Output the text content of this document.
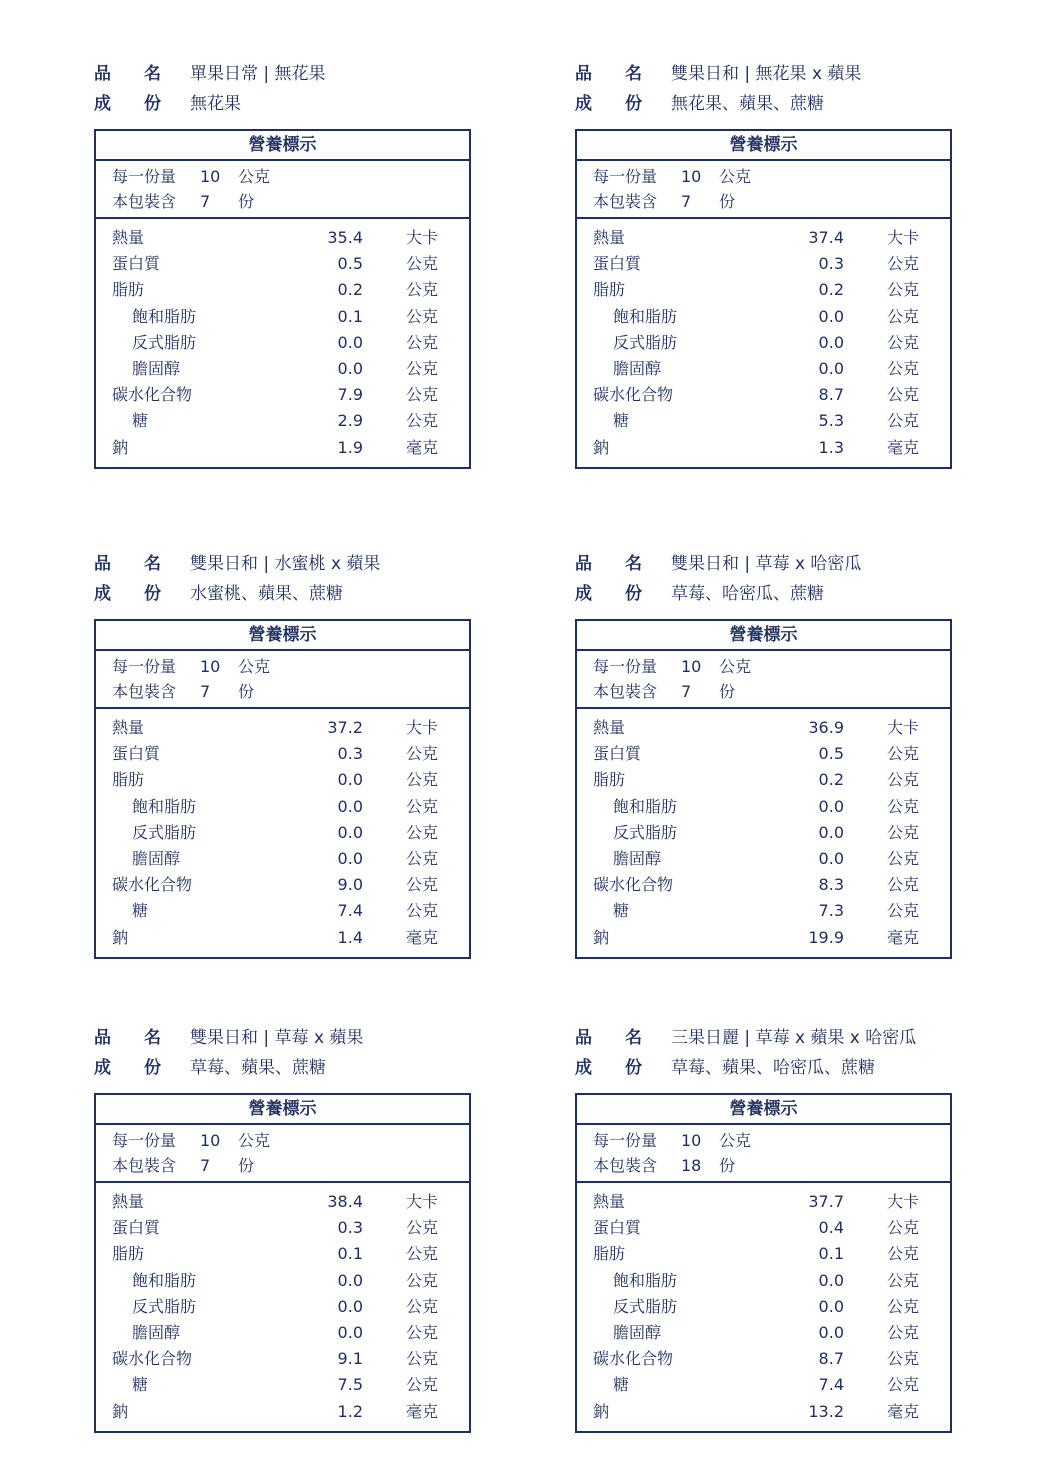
品 名 單果日常 | 無花果
成 份 無花果
營養標示
每一份量 10 公克
本包裝含 7 份
熱量	35.4	大卡
蛋白質	0.5	公克
脂肪	0.2	公克
飽和脂肪	0.1	公克
反式脂肪	0.0	公克
膽固醇	0.0	公克
碳水化合物	7.9	公克
糖	2.9	公克
鈉	1.9	毫克
品 名 雙果日和 | 無花果 x 蘋果
成 份 無花果、蘋果、蔗糖
營養標示
每一份量 10 公克
本包裝含 7 份
熱量	37.4	大卡
蛋白質	0.3	公克
脂肪	0.2	公克
飽和脂肪	0.0	公克
反式脂肪	0.0	公克
膽固醇	0.0	公克
碳水化合物	8.7	公克
糖	5.3	公克
鈉	1.3	毫克
品 名 雙果日和 | 水蜜桃 x 蘋果
成 份 水蜜桃、蘋果、蔗糖
營養標示
每一份量 10 公克
本包裝含 7 份
熱量	37.2	大卡
蛋白質	0.3	公克
脂肪	0.0	公克
飽和脂肪	0.0	公克
反式脂肪	0.0	公克
膽固醇	0.0	公克
碳水化合物	9.0	公克
糖	7.4	公克
鈉	1.4	毫克
品 名 雙果日和 | 草莓 x 哈密瓜
成 份 草莓、哈密瓜、蔗糖
營養標示
每一份量 10 公克
本包裝含 7 份
熱量	36.9	大卡
蛋白質	0.5	公克
脂肪	0.2	公克
飽和脂肪	0.0	公克
反式脂肪	0.0	公克
膽固醇	0.0	公克
碳水化合物	8.3	公克
糖	7.3	公克
鈉	19.9	毫克
品 名 雙果日和 | 草莓 x 蘋果
成 份 草莓、蘋果、蔗糖
營養標示
每一份量 10 公克
本包裝含 7 份
熱量	38.4	大卡
蛋白質	0.3	公克
脂肪	0.1	公克
飽和脂肪	0.0	公克
反式脂肪	0.0	公克
膽固醇	0.0	公克
碳水化合物	9.1	公克
糖	7.5	公克
鈉	1.2	毫克
品 名 三果日麗 | 草莓 x 蘋果 x 哈密瓜
成 份 草莓、蘋果、哈密瓜、蔗糖
營養標示
每一份量 10 公克
本包裝含 18 份
熱量	37.7	大卡
蛋白質	0.4	公克
脂肪	0.1	公克
飽和脂肪	0.0	公克
反式脂肪	0.0	公克
膽固醇	0.0	公克
碳水化合物	8.7	公克
糖	7.4	公克
鈉	13.2	毫克
